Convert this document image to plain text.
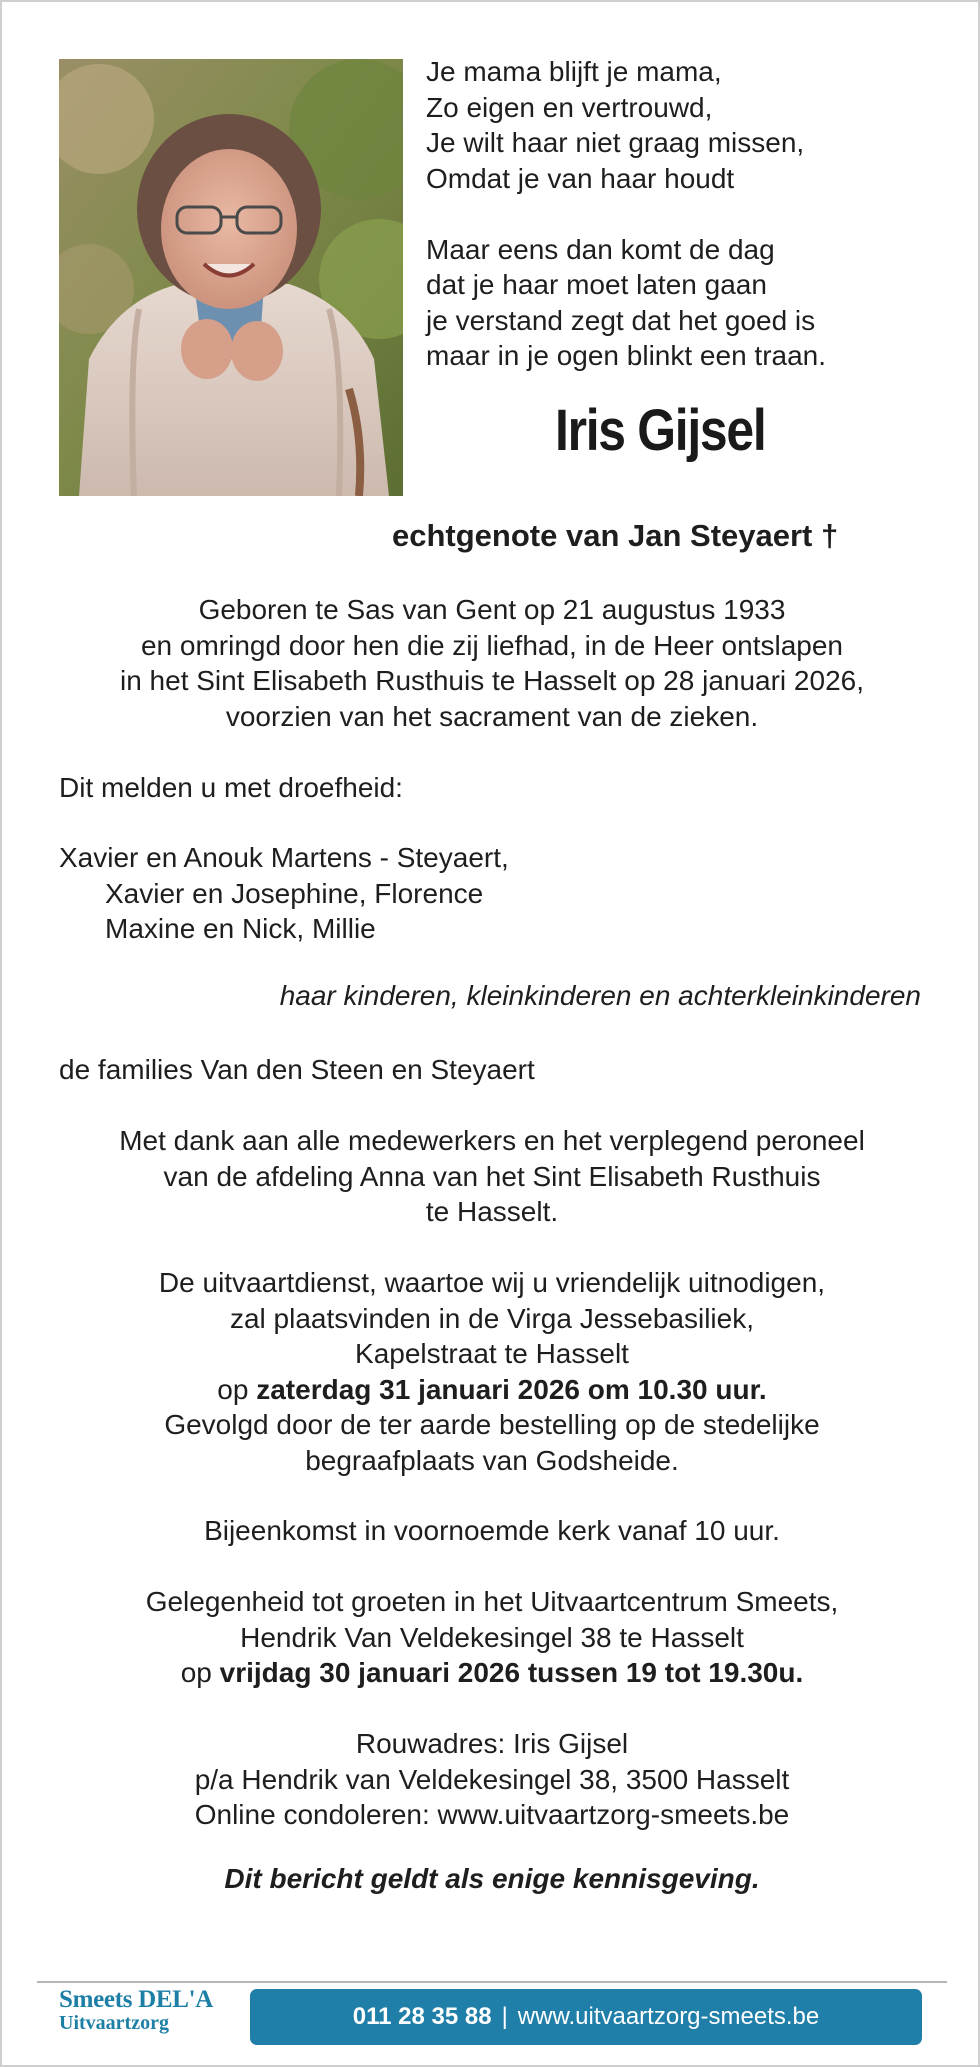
Je mama blijft je mama,
Zo eigen en vertrouwd,
Je wilt haar niet graag missen,
Omdat je van haar houdt

Maar eens dan komt de dag
dat je haar moet laten gaan
je verstand zegt dat het goed is
maar in je ogen blinkt een traan.

Iris Gijsel
echtgenote van Jan Steyaert †
Geboren te Sas van Gent op 21 augustus 1933
en omringd door hen die zij liefhad, in de Heer ontslapen
in het Sint Elisabeth Rusthuis te Hasselt op 28 januari 2026,
voorzien van het sacrament van de zieken.
Dit melden u met droefheid:
Xavier en Anouk Martens - Steyaert,
Xavier en Josephine, Florence
Maxine en Nick, Millie
haar kinderen, kleinkinderen en achterkleinkinderen
de families Van den Steen en Steyaert
Met dank aan alle medewerkers en het verplegend peroneel
van de afdeling Anna van het Sint Elisabeth Rusthuis
te Hasselt.
De uitvaartdienst, waartoe wij u vriendelijk uitnodigen,
zal plaatsvinden in de Virga Jessebasiliek,
Kapelstraat te Hasselt
op zaterdag 31 januari 2026 om 10.30 uur.
Gevolgd door de ter aarde bestelling op de stedelijke
begraafplaats van Godsheide.
Bijeenkomst in voornoemde kerk vanaf 10 uur.
Gelegenheid tot groeten in het Uitvaartcentrum Smeets,
Hendrik Van Veldekesingel 38 te Hasselt
op vrijdag 30 januari 2026 tussen 19 tot 19.30u.
Rouwadres: Iris Gijsel
p/a Hendrik van Veldekesingel 38, 3500 Hasselt
Online condoleren: www.uitvaartzorg-smeets.be
Dit bericht geldt als enige kennisgeving.
Smeets DEL'A
Uitvaartzorg	011 28 35 88 | www.uitvaartzorg-smeets.be
